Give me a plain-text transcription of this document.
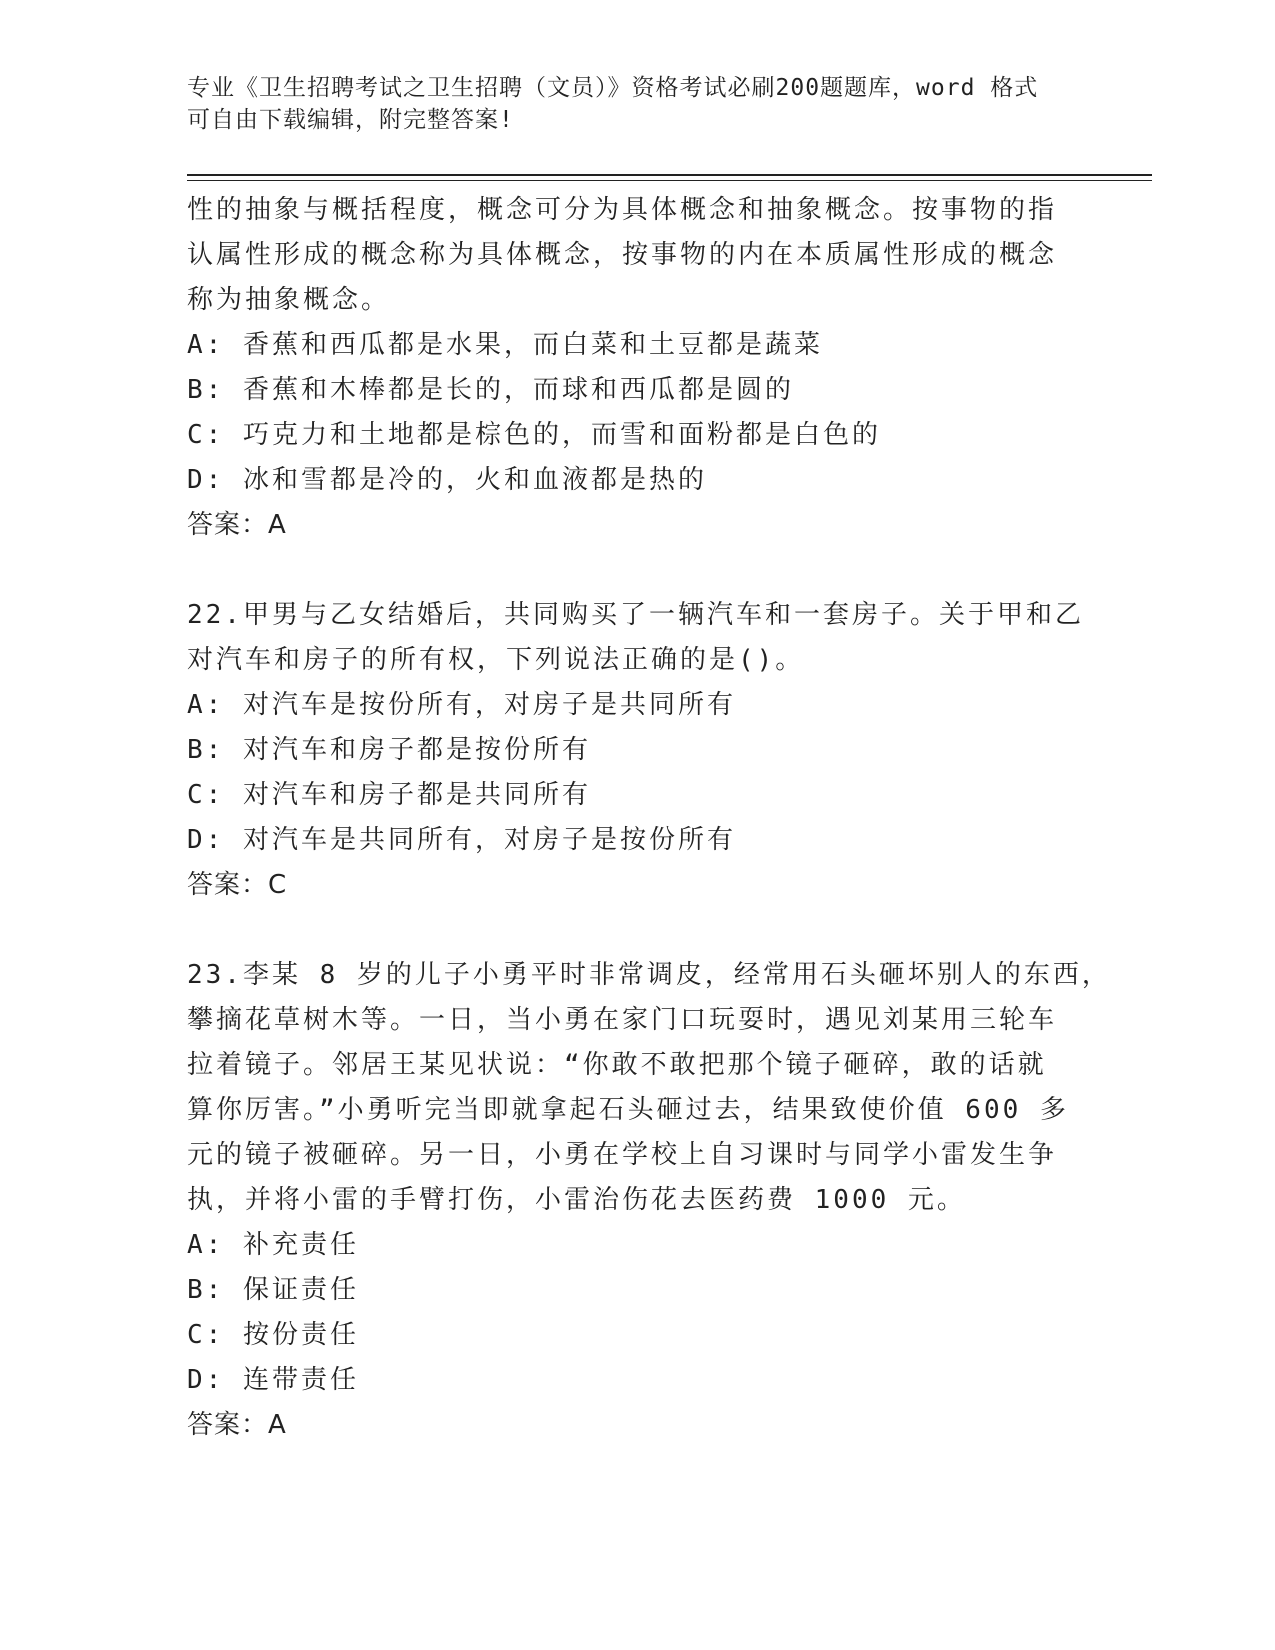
专业《卫生招聘考试之卫生招聘（文员）》资格考试必刷200题题库，word 格式
可自由下载编辑，附完整答案!
性的抽象与概括程度，概念可分为具体概念和抽象概念。按事物的指
认属性形成的概念称为具体概念，按事物的内在本质属性形成的概念
称为抽象概念。
A: 香蕉和西瓜都是水果，而白菜和土豆都是蔬菜
B: 香蕉和木棒都是长的，而球和西瓜都是圆的
C: 巧克力和土地都是棕色的，而雪和面粉都是白色的
D: 冰和雪都是冷的，火和血液都是热的
答案：A
22.甲男与乙女结婚后，共同购买了一辆汽车和一套房子。关于甲和乙
对汽车和房子的所有权，下列说法正确的是()。
A: 对汽车是按份所有，对房子是共同所有
B: 对汽车和房子都是按份所有
C: 对汽车和房子都是共同所有
D: 对汽车是共同所有，对房子是按份所有
答案：C
23.李某 8 岁的儿子小勇平时非常调皮，经常用石头砸坏别人的东西，
攀摘花草树木等。一日，当小勇在家门口玩耍时，遇见刘某用三轮车
拉着镜子。邻居王某见状说：“你敢不敢把那个镜子砸碎，敢的话就
算你厉害。”小勇听完当即就拿起石头砸过去，结果致使价值 600 多
元的镜子被砸碎。另一日，小勇在学校上自习课时与同学小雷发生争
执，并将小雷的手臂打伤，小雷治伤花去医药费 1000 元。
A: 补充责任
B: 保证责任
C: 按份责任
D: 连带责任
答案：A
